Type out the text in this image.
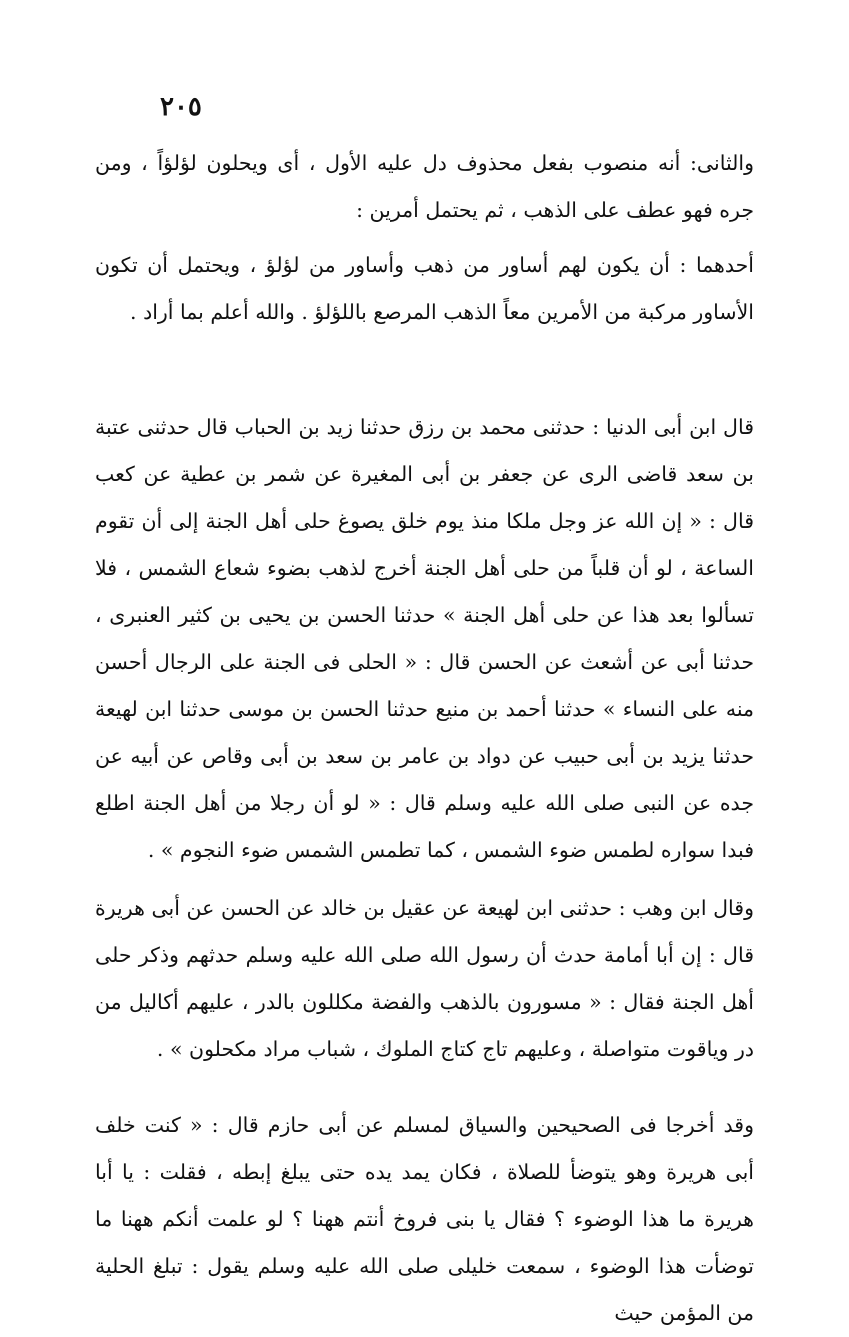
٢٠٥

والثانى: أنه منصوب بفعل محذوف دل عليه الأول ، أى ويحلون لؤلؤاً ، ومن جره فهو عطف على الذهب ، ثم يحتمل أمرين :

أحدهما : أن يكون لهم أساور من ذهب وأساور من لؤلؤ ، ويحتمل أن تكون الأساور مركبة من الأمرين معاً الذهب المرصع باللؤلؤ . والله أعلم بما أراد .

قال ابن أبى الدنيا : حدثنى محمد بن رزق حدثنا زيد بن الحباب قال حدثنى عتبة بن سعد قاضى الرى عن جعفر بن أبى المغيرة عن شمر بن عطية عن كعب قال : « إن الله عز وجل ملكا منذ يوم خلق يصوغ حلى أهل الجنة إلى أن تقوم الساعة ، لو أن قلباً من حلى أهل الجنة أخرج لذهب بضوء شعاع الشمس ، فلا تسألوا بعد هذا عن حلى أهل الجنة » حدثنا الحسن بن يحيى بن كثير العنبرى ، حدثنا أبى عن أشعث عن الحسن قال : « الحلى فى الجنة على الرجال أحسن منه على النساء » حدثنا أحمد بن منيع حدثنا الحسن بن موسى حدثنا ابن لهيعة حدثنا يزيد بن أبى حبيب عن دواد بن عامر بن سعد بن أبى وقاص عن أبيه عن جده عن النبى صلى الله عليه وسلم قال : « لو أن رجلا من أهل الجنة اطلع فبدا سواره لطمس ضوء الشمس ، كما تطمس الشمس ضوء النجوم » .

وقال ابن وهب : حدثنى ابن لهيعة عن عقيل بن خالد عن الحسن عن أبى هريرة قال : إن أبا أمامة حدث أن رسول الله صلى الله عليه وسلم حدثهم وذكر حلى أهل الجنة فقال : « مسورون بالذهب والفضة مكللون بالدر ، عليهم أكاليل من در وياقوت متواصلة ، وعليهم تاج كتاج الملوك ، شباب مراد مكحلون » .

وقد أخرجا فى الصحيحين والسياق لمسلم عن أبى حازم قال : « كنت خلف أبى هريرة وهو يتوضأ للصلاة ، فكان يمد يده حتى يبلغ إبطه ، فقلت : يا أبا هريرة ما هذا الوضوء ؟ فقال يا بنى فروخ أنتم ههنا ؟ لو علمت أنكم ههنا ما توضأت هذا الوضوء ، سمعت خليلى صلى الله عليه وسلم يقول : تبلغ الحلية من المؤمن حيث
